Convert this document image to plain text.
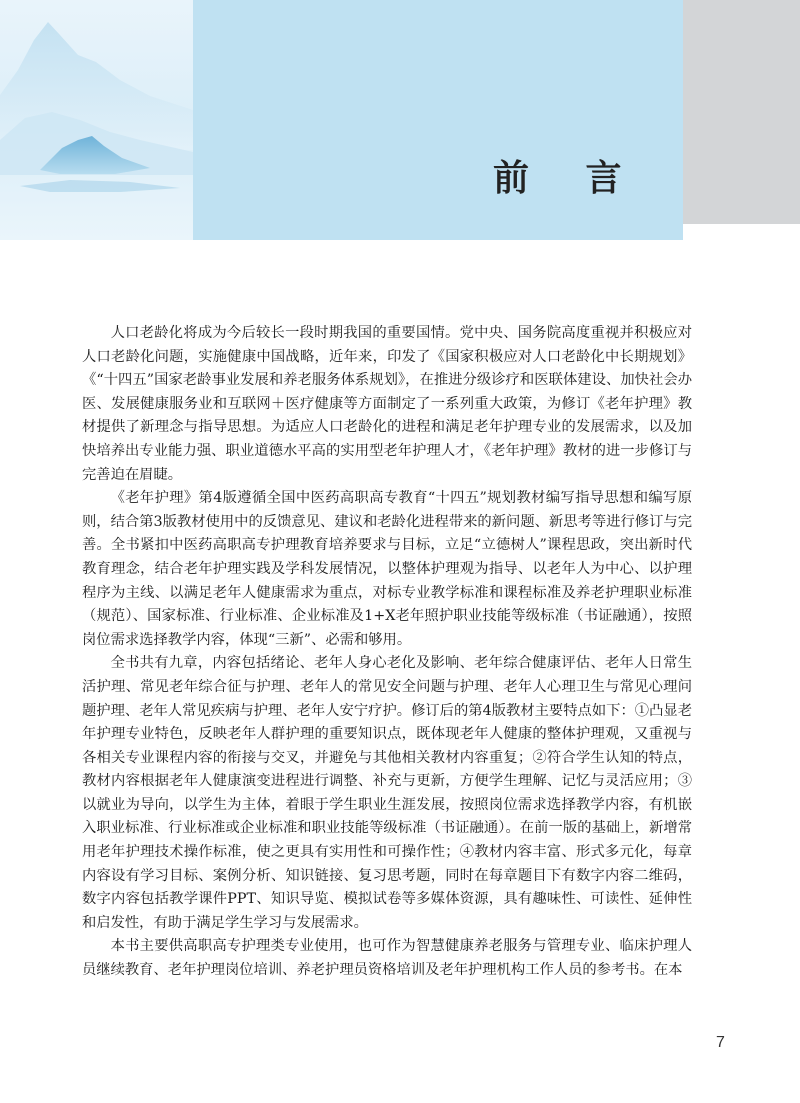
前 言

人口老龄化将成为今后较长一段时期我国的重要国情。党中央、国务院高度重视并积极应对人口老龄化问题，实施健康中国战略，近年来，印发了《国家积极应对人口老龄化中长期规划》《“十四五”国家老龄事业发展和养老服务体系规划》，在推进分级诊疗和医联体建设、加快社会办医、发展健康服务业和互联网＋医疗健康等方面制定了一系列重大政策，为修订《老年护理》教材提供了新理念与指导思想。为适应人口老龄化的进程和满足老年护理专业的发展需求，以及加快培养出专业能力强、职业道德水平高的实用型老年护理人才，《老年护理》教材的进一步修订与完善迫在眉睫。

《老年护理》第4版遵循全国中医药高职高专教育“十四五”规划教材编写指导思想和编写原则，结合第3版教材使用中的反馈意见、建议和老龄化进程带来的新问题、新思考等进行修订与完善。全书紧扣中医药高职高专护理教育培养要求与目标，立足“立德树人”课程思政，突出新时代教育理念，结合老年护理实践及学科发展情况，以整体护理观为指导、以老年人为中心、以护理程序为主线、以满足老年人健康需求为重点，对标专业教学标准和课程标准及养老护理职业标准（规范）、国家标准、行业标准、企业标准及1+X老年照护职业技能等级标准（书证融通），按照岗位需求选择教学内容，体现“三新”、必需和够用。

全书共有九章，内容包括绪论、老年人身心老化及影响、老年综合健康评估、老年人日常生活护理、常见老年综合征与护理、老年人的常见安全问题与护理、老年人心理卫生与常见心理问题护理、老年人常见疾病与护理、老年人安宁疗护。修订后的第4版教材主要特点如下：①凸显老年护理专业特色，反映老年人群护理的重要知识点，既体现老年人健康的整体护理观，又重视与各相关专业课程内容的衔接与交叉，并避免与其他相关教材内容重复；②符合学生认知的特点，教材内容根据老年人健康演变进程进行调整、补充与更新，方便学生理解、记忆与灵活应用；③以就业为导向，以学生为主体，着眼于学生职业生涯发展，按照岗位需求选择教学内容，有机嵌入职业标准、行业标准或企业标准和职业技能等级标准（书证融通）。在前一版的基础上，新增常用老年护理技术操作标准，使之更具有实用性和可操作性；④教材内容丰富、形式多元化，每章内容设有学习目标、案例分析、知识链接、复习思考题，同时在每章题目下有数字内容二维码，数字内容包括教学课件PPT、知识导览、模拟试卷等多媒体资源，具有趣味性、可读性、延伸性和启发性，有助于满足学生学习与发展需求。

本书主要供高职高专护理类专业使用，也可作为智慧健康养老服务与管理专业、临床护理人员继续教育、老年护理岗位培训、养老护理员资格培训及老年护理机构工作人员的参考书。在本

7
